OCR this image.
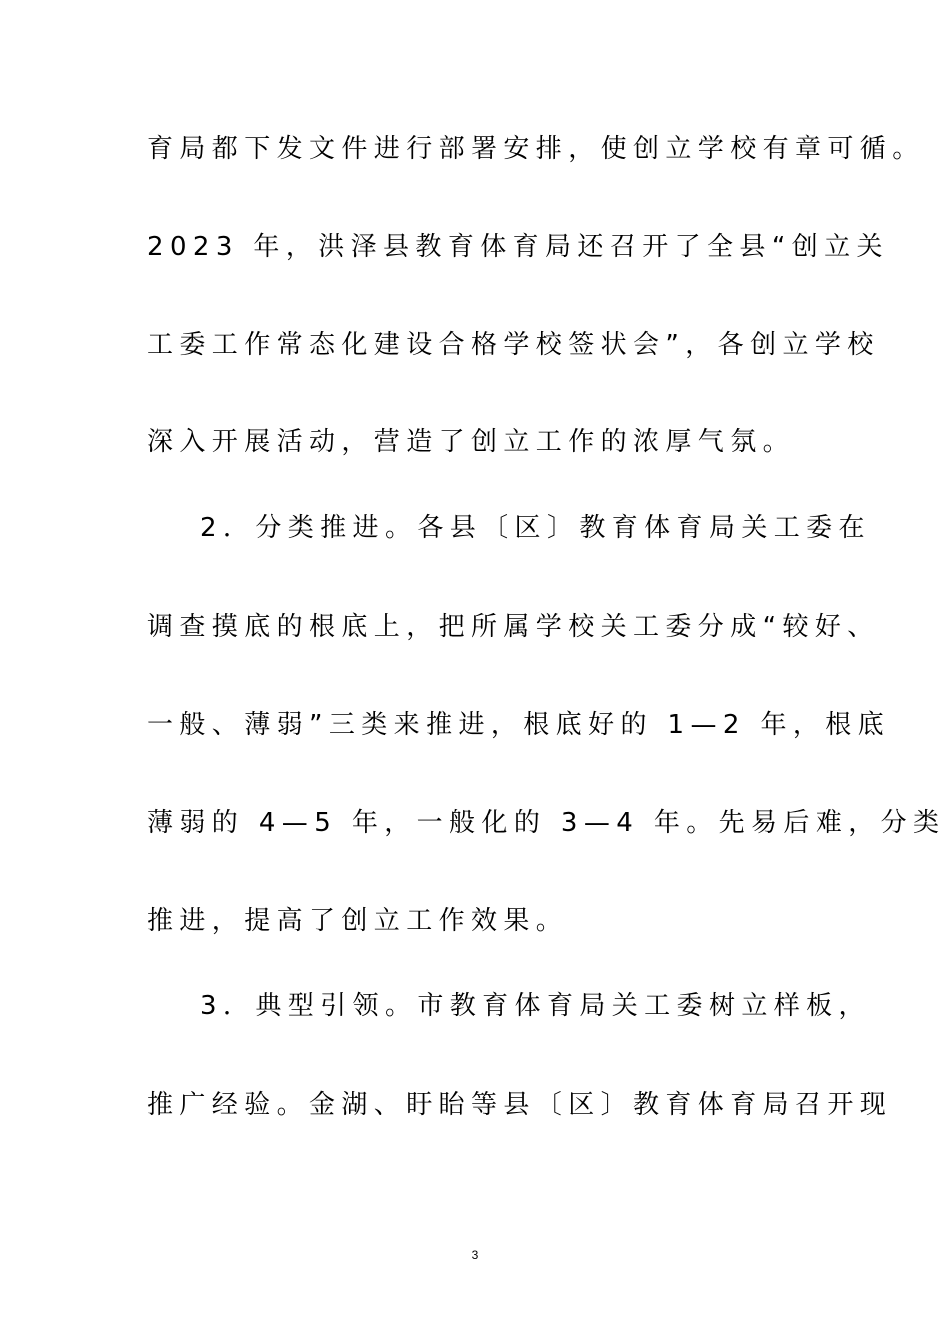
育局都下发文件进行部署安排，使创立学校有章可循。
2023 年，洪泽县教育体育局还召开了全县“创立关
工委工作常态化建设合格学校签状会”，各创立学校
深入开展活动，营造了创立工作的浓厚气氛。
2．分类推进。各县〔区〕教育体育局关工委在
调查摸底的根底上，把所属学校关工委分成“较好、
一般、薄弱”三类来推进，根底好的 1—2 年，根底
薄弱的 4—5 年，一般化的 3—4 年。先易后难，分类
推进，提高了创立工作效果。
3．典型引领。市教育体育局关工委树立样板，
推广经验。金湖、盱眙等县〔区〕教育体育局召开现
3
